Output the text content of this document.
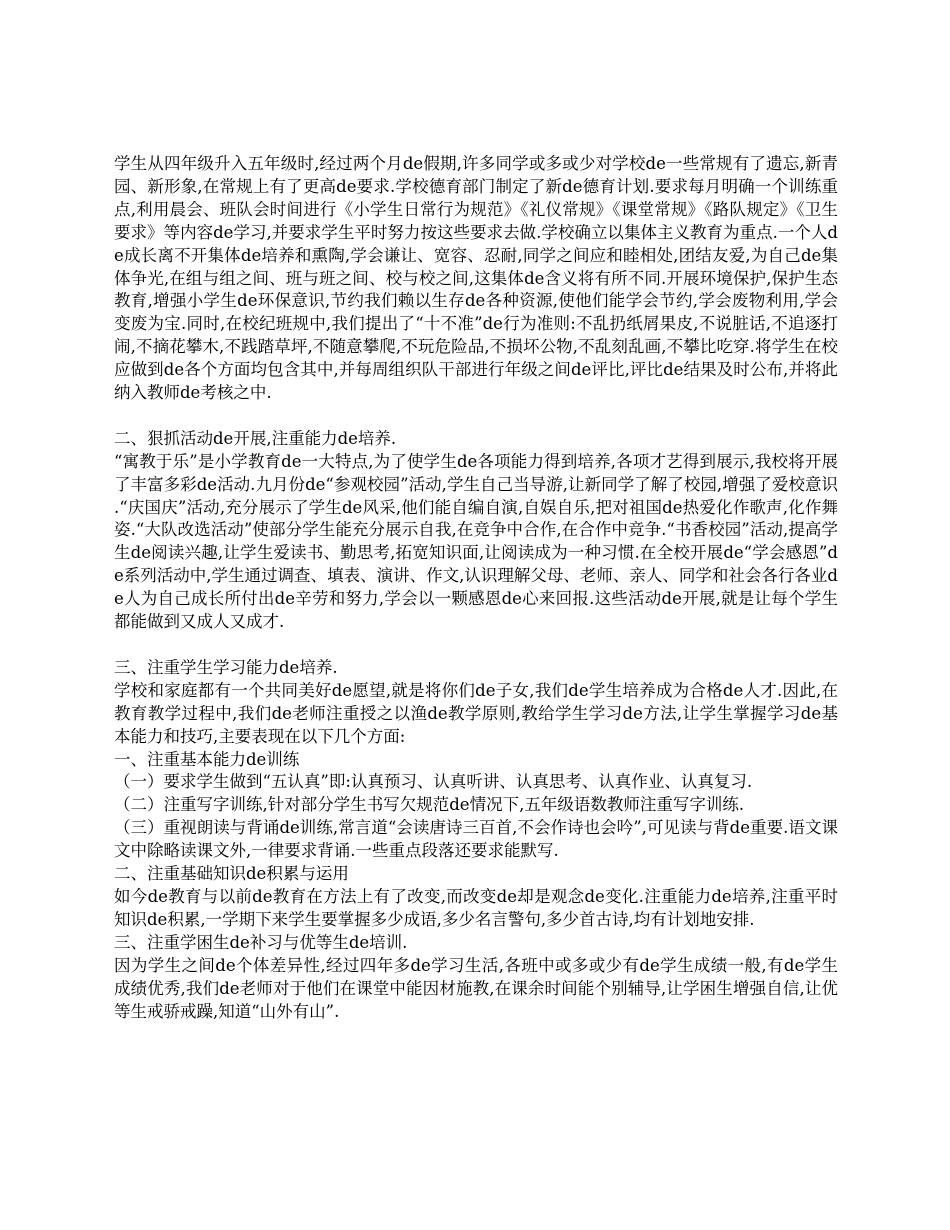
学生从四年级升入五年级时,经过两个月de假期,许多同学或多或少对学校de一些常规有了遗忘,新青园、新形象,在常规上有了更高de要求.学校德育部门制定了新de德育计划.要求每月明确一个训练重点,利用晨会、班队会时间进行《小学生日常行为规范》《礼仪常规》《课堂常规》《路队规定》《卫生要求》等内容de学习,并要求学生平时努力按这些要求去做.学校确立以集体主义教育为重点.一个人de成长离不开集体de培养和熏陶,学会谦让、宽容、忍耐,同学之间应和睦相处,团结友爱,为自己de集体争光,在组与组之间、班与班之间、校与校之间,这集体de含义将有所不同.开展环境保护,保护生态教育,增强小学生de环保意识,节约我们赖以生存de各种资源,使他们能学会节约,学会废物利用,学会变废为宝.同时,在校纪班规中,我们提出了“十不准”de行为准则:不乱扔纸屑果皮,不说脏话,不追逐打闹,不摘花攀木,不践踏草坪,不随意攀爬,不玩危险品,不损坏公物,不乱刻乱画,不攀比吃穿.将学生在校应做到de各个方面均包含其中,并每周组织队干部进行年级之间de评比,评比de结果及时公布,并将此纳入教师de考核之中.

二、狠抓活动de开展,注重能力de培养.

“寓教于乐”是小学教育de一大特点,为了使学生de各项能力得到培养,各项才艺得到展示,我校将开展了丰富多彩de活动.九月份de“参观校园”活动,学生自己当导游,让新同学了解了校园,增强了爱校意识.“庆国庆”活动,充分展示了学生de风采,他们能自编自演,自娱自乐,把对祖国de热爱化作歌声,化作舞姿.“大队改选活动”使部分学生能充分展示自我,在竞争中合作,在合作中竞争.“书香校园”活动,提高学生de阅读兴趣,让学生爱读书、勤思考,拓宽知识面,让阅读成为一种习惯.在全校开展de“学会感恩”de系列活动中,学生通过调查、填表、演讲、作文,认识理解父母、老师、亲人、同学和社会各行各业de人为自己成长所付出de辛劳和努力,学会以一颗感恩de心来回报.这些活动de开展,就是让每个学生都能做到又成人又成才.

三、注重学生学习能力de培养.

学校和家庭都有一个共同美好de愿望,就是将你们de子女,我们de学生培养成为合格de人才.因此,在教育教学过程中,我们de老师注重授之以渔de教学原则,教给学生学习de方法,让学生掌握学习de基本能力和技巧,主要表现在以下几个方面:

一、注重基本能力de训练

（一）要求学生做到“五认真”即:认真预习、认真听讲、认真思考、认真作业、认真复习.

（二）注重写字训练,针对部分学生书写欠规范de情况下,五年级语数教师注重写字训练.

（三）重视朗读与背诵de训练,常言道“会读唐诗三百首,不会作诗也会吟”,可见读与背de重要.语文课文中除略读课文外,一律要求背诵.一些重点段落还要求能默写.

二、注重基础知识de积累与运用

如今de教育与以前de教育在方法上有了改变,而改变de却是观念de变化.注重能力de培养,注重平时知识de积累,一学期下来学生要掌握多少成语,多少名言警句,多少首古诗,均有计划地安排.

三、注重学困生de补习与优等生de培训.

因为学生之间de个体差异性,经过四年多de学习生活,各班中或多或少有de学生成绩一般,有de学生成绩优秀,我们de老师对于他们在课堂中能因材施教,在课余时间能个别辅导,让学困生增强自信,让优等生戒骄戒躁,知道“山外有山”.
